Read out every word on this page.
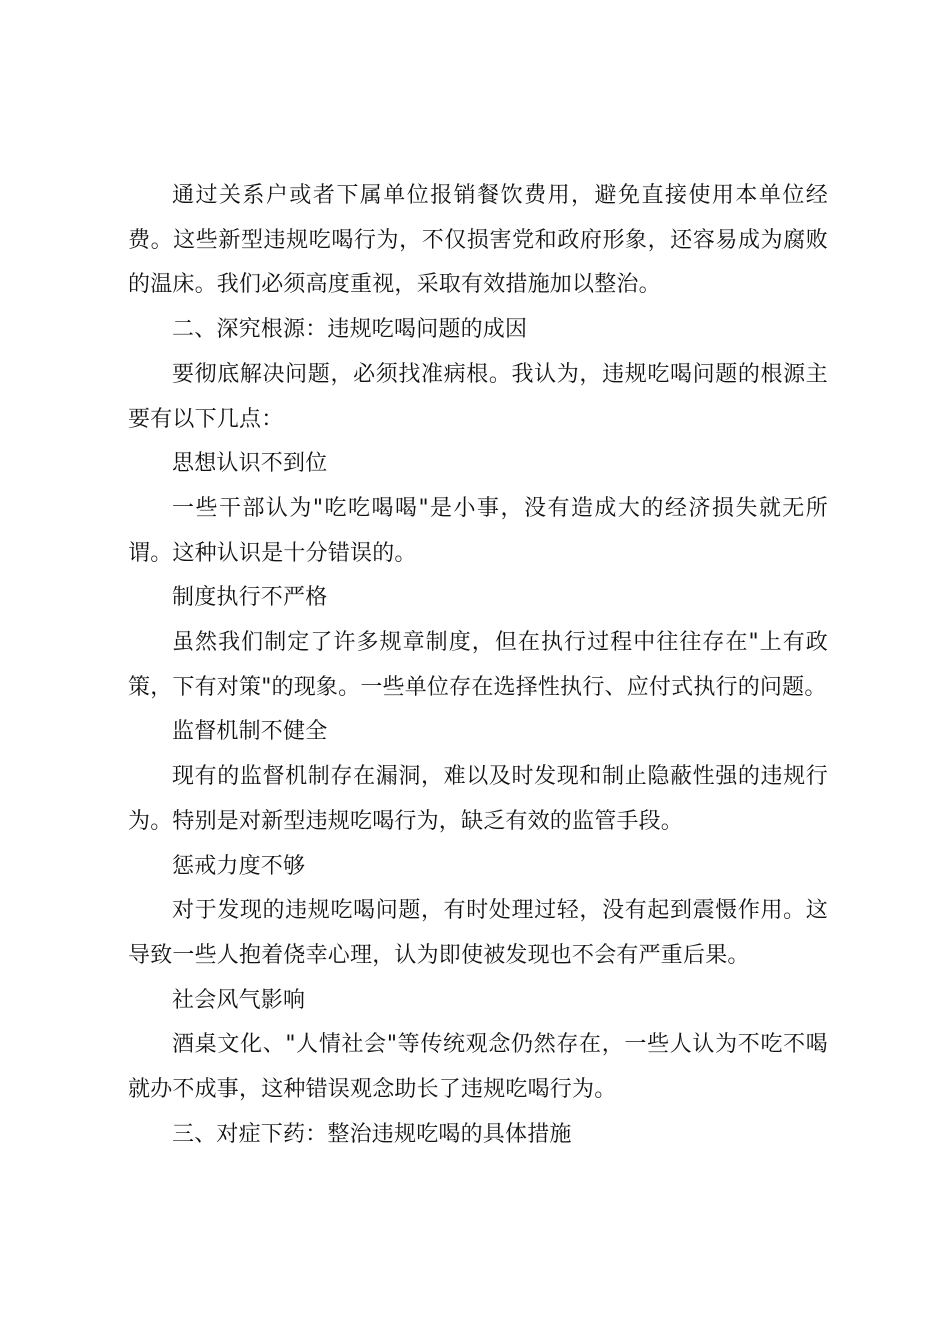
通过关系户或者下属单位报销餐饮费用，避免直接使用本单位经费。这些新型违规吃喝行为，不仅损害党和政府形象，还容易成为腐败的温床。我们必须高度重视，采取有效措施加以整治。

二、深究根源：违规吃喝问题的成因

要彻底解决问题，必须找准病根。我认为，违规吃喝问题的根源主要有以下几点：

思想认识不到位

一些干部认为"吃吃喝喝"是小事，没有造成大的经济损失就无所谓。这种认识是十分错误的。

制度执行不严格

虽然我们制定了许多规章制度，但在执行过程中往往存在"上有政策，下有对策"的现象。一些单位存在选择性执行、应付式执行的问题。

监督机制不健全

现有的监督机制存在漏洞，难以及时发现和制止隐蔽性强的违规行为。特别是对新型违规吃喝行为，缺乏有效的监管手段。

惩戒力度不够

对于发现的违规吃喝问题，有时处理过轻，没有起到震慑作用。这导致一些人抱着侥幸心理，认为即使被发现也不会有严重后果。

社会风气影响

酒桌文化、"人情社会"等传统观念仍然存在，一些人认为不吃不喝就办不成事，这种错误观念助长了违规吃喝行为。

三、对症下药：整治违规吃喝的具体措施
